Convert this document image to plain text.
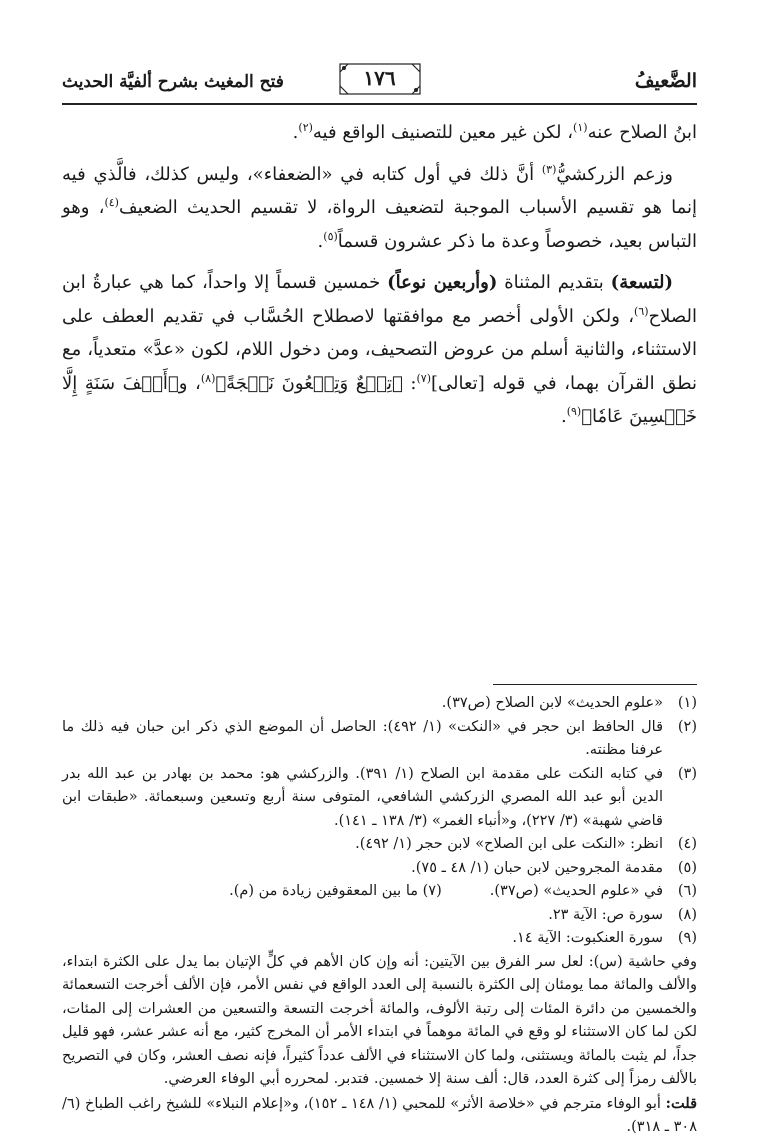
الضَّعيفُ
١٧٦
فتح المغيث بشرح ألفيَّة الحديث

ابنُ الصلاح عنه$^{(١)}$، لكن غير معين للتصنيف الواقع فيه$^{(٢)}$.

وزعم الزركشيُّ$^{(٣)}$ أنَّ ذلك في أول كتابه في «الضعفاء»، وليس كذلك، فالَّذي فيه إنما هو تقسيم الأسباب الموجبة لتضعيف الرواة، لا تقسيم الحديث الضعيف$^{(٤)}$، وهو التباس بعيد، خصوصاً وعدة ما ذكر عشرون قسماً$^{(٥)}$.

(لتسعة) بتقديم المثناة (وأربعين نوعاً) خمسين قسماً إلا واحداً، كما هي عبارةُ ابن الصلاح$^{(٦)}$، ولكن الأولى أخصر مع موافقتها لاصطلاح الحُسَّاب في تقديم العطف على الاستثناء، والثانية أسلم من عروض التصحيف، ومن دخول اللام، لكون «عدَّ» متعدياً، مع نطق القرآن بهما، في قوله [تعالى]$^{(٧)}$: ﴿تِسۡعٌ وَتِسۡعُونَ نَعۡجَةً﴾$^{(٨)}$، و﴿أَلۡفَ سَنَةٍ إِلَّا خَمۡسِينَ عَامٗا﴾$^{(٩)}$.

(١)
«علوم الحديث» لابن الصلاح (ص٣٧).

(٢)
قال الحافظ ابن حجر في «النكت» (١/ ٤٩٢): الحاصل أن الموضع الذي ذكر ابن حبان فيه ذلك ما عرفنا مظنته.

(٣)
في كتابه النكت على مقدمة ابن الصلاح (١/ ٣٩١). والزركشي هو: محمد بن بهادر بن عبد الله بدر الدين أبو عبد الله المصري الزركشي الشافعي، المتوفى سنة أربع وتسعين وسبعمائة. «طبقات ابن قاضي شهبة» (٣/ ٢٢٧)، و«أنباء الغمر» (٣/ ١٣٨ ـ ١٤١).

(٤)
انظر: «النكت على ابن الصلاح» لابن حجر (١/ ٤٩٢).

(٥)
مقدمة المجروحين لابن حبان (١/ ٤٨ ـ ٧٥).

(٦)
في «علوم الحديث» (ص٣٧).(٧) ما بين المعقوفين زيادة من (م).

(٨)
سورة ص: الآية ٢٣.

(٩)
سورة العنكبوت: الآية ١٤.

وفي حاشية (س): لعل سر الفرق بين الآيتين: أنه وإن كان الأهم في كلٍّ الإتيان بما يدل على الكثرة ابتداء، والألف والمائة مما يومئان إلى الكثرة بالنسبة إلى العدد الواقع في نفس الأمر، فإن الألف أخرجت التسعمائة والخمسين من دائرة المئات إلى رتبة الألوف، والمائة أخرجت التسعة والتسعين من العشرات إلى المئات، لكن لما كان الاستثناء لو وقع في المائة موهماً في ابتداء الأمر أن المخرج كثير، مع أنه عشر عشر، فهو قليل جداً، لم يثبت بالمائة ويستثنى، ولما كان الاستثناء في الألف عدداً كثيراً، فإنه نصف العشر، وكان في التصريح بالألف رمزاً إلى كثرة العدد، قال: ألف سنة إلا خمسين. فتدبر. لمحرره أبي الوفاء العرضي.

قلت: أبو الوفاء مترجم في «خلاصة الأثر» للمحبي (١/ ١٤٨ ـ ١٥٢)، و«إعلام النبلاء» للشيخ راغب الطباخ (٦/ ٣٠٨ ـ ٣١٨).
